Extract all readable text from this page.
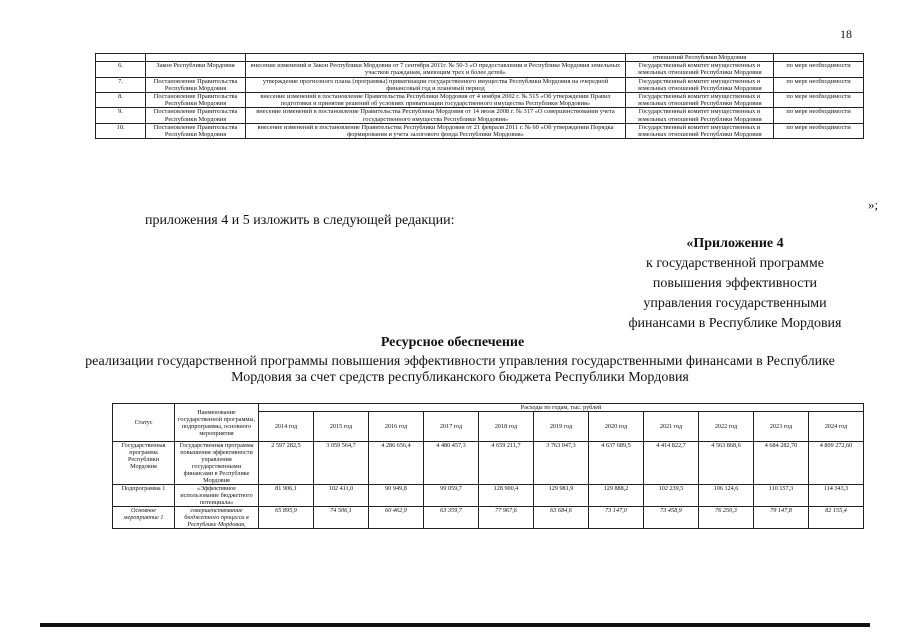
18
			отношений Республики Мордовия	
6.	Закон Республики Мордовия	внесение изменений в Закон Республики Мордовия от 7 сентября 2011г. № 50-З «О предоставлении в Республике Мордовия земельных участков гражданам, имеющим трех и более детей»	Государственный комитет имущественных и земельных отношений Республики Мордовия	по мере необходимости
7.	Постановление Правительства Республики Мордовия	утверждение прогнозного плана (программы) приватизации государственного имущества Республики Мордовия на очередной финансовый год и плановый период	Государственный комитет имущественных и земельных отношений Республики Мордовия	по мере необходимости
8.	Постановление Правительства Республики Мордовия	внесение изменений в постановление Правительства Республики Мордовия от 4 ноября 2002 г. № 515 «Об утверждении Правил подготовки и принятия решений об условиях приватизации государственного имущества Республики Мордовия»	Государственный комитет имущественных и земельных отношений Республики Мордовия	по мере необходимости
9.	Постановление Правительства Республики Мордовия	внесение изменений в постановление Правительства Республики Мордовия от 14 июля 2008 г. № 317 «О совершенствовании учета государственного имущества Республики Мордовия»	Государственный комитет имущественных и земельных отношений Республики Мордовия	по мере необходимости
10.	Постановление Правительства Республики Мордовия	внесение изменений в постановление Правительства Республики Мордовия от 21 февраля 2011 г. № 60 «Об утверждении Порядка формирования и учета залогового фонда Республики Мордовия»	Государственный комитет имущественных и земельных отношений Республики Мордовия	по мере необходимости
»;
приложения 4 и 5 изложить в следующей редакции:
«Приложение 4
к государственной программе
повышения эффективности
управления государственными
финансами в Республике Мордовия
Ресурсное обеспечение
реализации государственной программы повышения эффективности управления государственными финансами в Республике Мордовия за счет средств республиканского бюджета Республики Мордовия
Статус	Наименование государственной программы, подпрограммы, основного мероприятия	Расходы по годам, тыс. рублей										
		2014 год	2015 год	2016 год	2017 год	2018 год	2019 год	2020 год	2021 год	2022 год	2023 год	2024 год
Государственная программа Республики Мордовия	Государственная программа повышения эффективности управления государственными финансами в Республике Мордовия	2 597 282,5	3 059 564,7	4 286 656,4	4 480 457,3	4 659 211,7	3 763 047,3	4 637 689,5	4 414 822,7	4 563 868,6	4 684 282,70	4 809 272,60
Подпрограмма 1	«Эффективное использование бюджетного потенциала»	81 906,1	102 411,0	90 949,8	99 059,7	128 900,4	129 981,9	129 888,2	102 239,5	106 124,6	110 157,3	114 343,3
Основное мероприятие 1	совершенствование бюджетного процесса в Республике Мордовия,	65 895,9	74 506,1	60 462,9	63 359,7	77 967,6	63 684,6	73 147,0	73 458,9	76 250,3	79 147,8	82 155,4
